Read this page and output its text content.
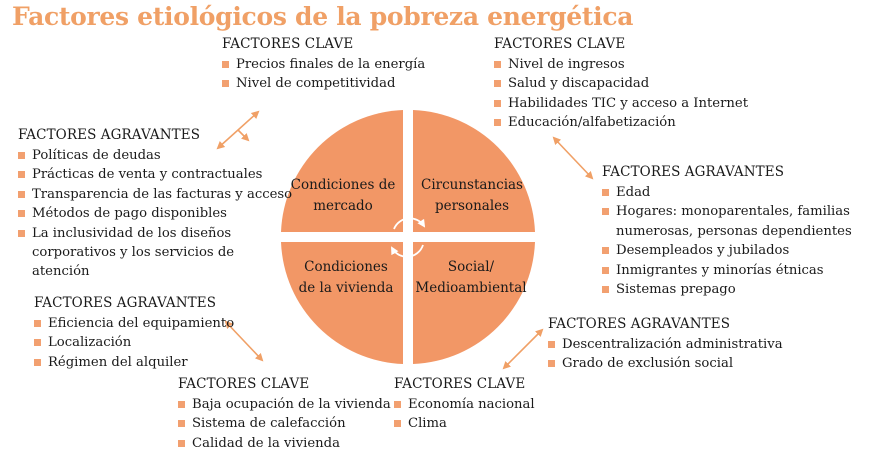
Factores etiológicos de la pobreza energética
Condiciones de mercado
Circunstancias personales
Condiciones de la vivienda
Social/ Medioambiental
FACTORES CLAVE
Precios finales de la energía
Nivel de competitividad
FACTORES AGRAVANTES
Políticas de deudas
Prácticas de venta y contractuales
Transparencia de las facturas y acceso
Métodos de pago disponibles
La inclusividad de los diseños corporativos y los servicios de atención
FACTORES CLAVE
Nivel de ingresos
Salud y discapacidad
Habilidades TIC y acceso a Internet
Educación/alfabetización
FACTORES AGRAVANTES
Edad
Hogares: monoparentales, familias numerosas, personas dependientes
Desempleados y jubilados
Inmigrantes y minorías étnicas
Sistemas prepago
FACTORES AGRAVANTES
Eficiencia del equipamiento
Localización
Régimen del alquiler
FACTORES CLAVE
Baja ocupación de la vivienda
Sistema de calefacción
Calidad de la vivienda
FACTORES AGRAVANTES
Descentralización administrativa
Grado de exclusión social
FACTORES CLAVE
Economía nacional
Clima
